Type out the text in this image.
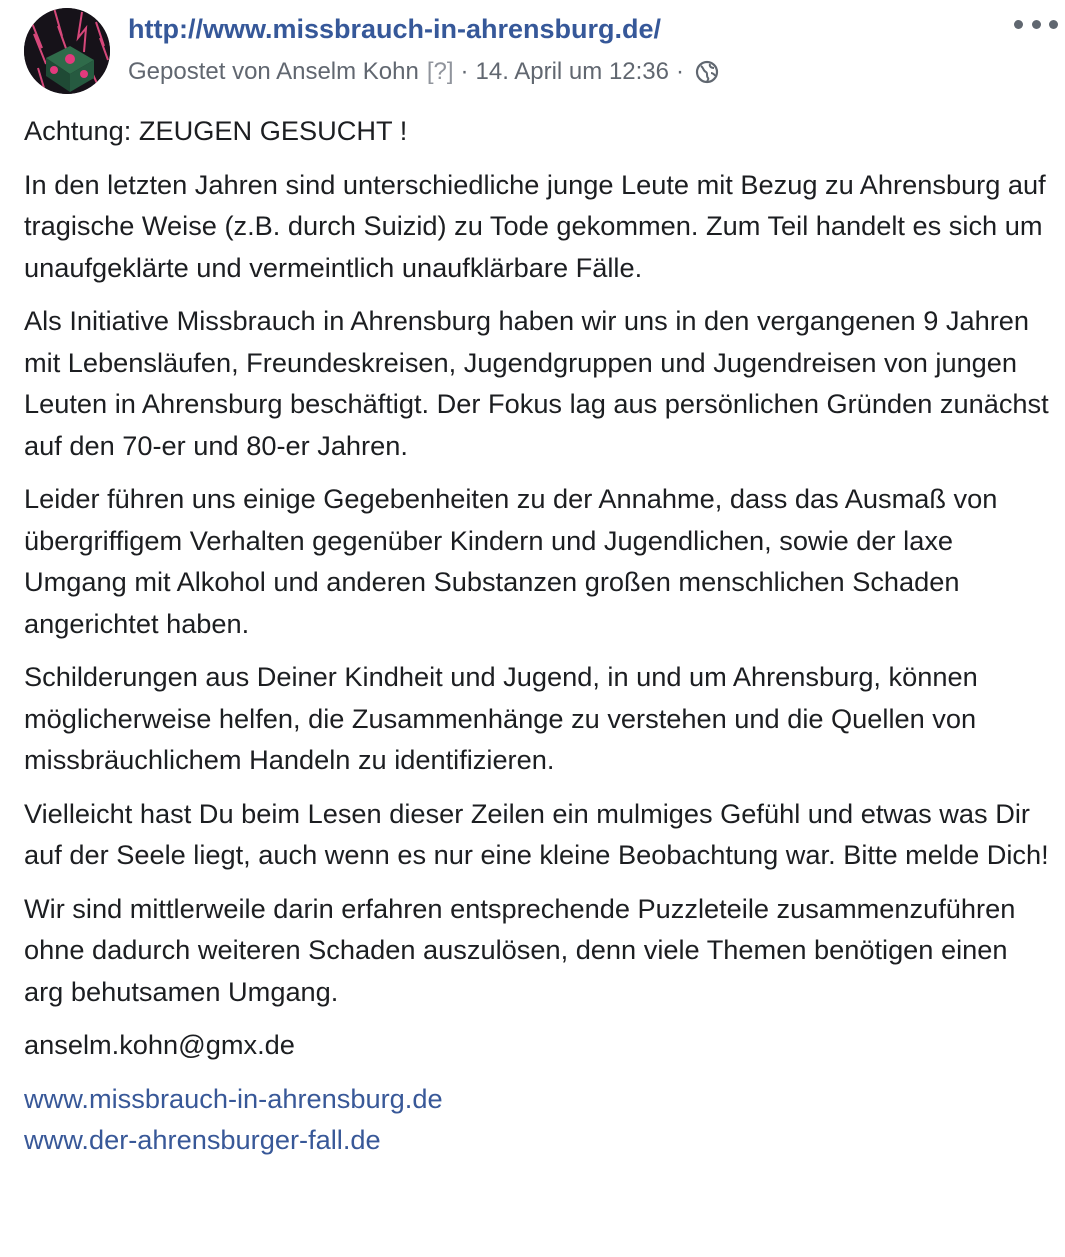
http://www.missbrauch-in-ahrensburg.de/
Gepostet von Anselm Kohn [?] · 14. April um 12:36 ·

Achtung: ZEUGEN GESUCHT !

In den letzten Jahren sind unterschiedliche junge Leute mit Bezug zu Ahrensburg auf tragische Weise (z.B. durch Suizid) zu Tode gekommen. Zum Teil handelt es sich um unaufgeklärte und vermeintlich unaufklärbare Fälle.

Als Initiative Missbrauch in Ahrensburg haben wir uns in den vergangenen 9 Jahren mit Lebensläufen, Freundeskreisen, Jugendgruppen und Jugendreisen von jungen Leuten in Ahrensburg beschäftigt. Der Fokus lag aus persönlichen Gründen zunächst auf den 70-er und 80-er Jahren.

Leider führen uns einige Gegebenheiten zu der Annahme, dass das Ausmaß von übergriffigem Verhalten gegenüber Kindern und Jugendlichen, sowie der laxe Umgang mit Alkohol und anderen Substanzen großen menschlichen Schaden angerichtet haben.

Schilderungen aus Deiner Kindheit und Jugend, in und um Ahrensburg, können möglicherweise helfen, die Zusammenhänge zu verstehen und die Quellen von missbräuchlichem Handeln zu identifizieren.

Vielleicht hast Du beim Lesen dieser Zeilen ein mulmiges Gefühl und etwas was Dir auf der Seele liegt, auch wenn es nur eine kleine Beobachtung war. Bitte melde Dich!

Wir sind mittlerweile darin erfahren entsprechende Puzzleteile zusammenzuführen ohne dadurch weiteren Schaden auszulösen, denn viele Themen benötigen einen arg behutsamen Umgang.

anselm.kohn@gmx.de

www.missbrauch-in-ahrensburg.de
www.der-ahrensburger-fall.de
